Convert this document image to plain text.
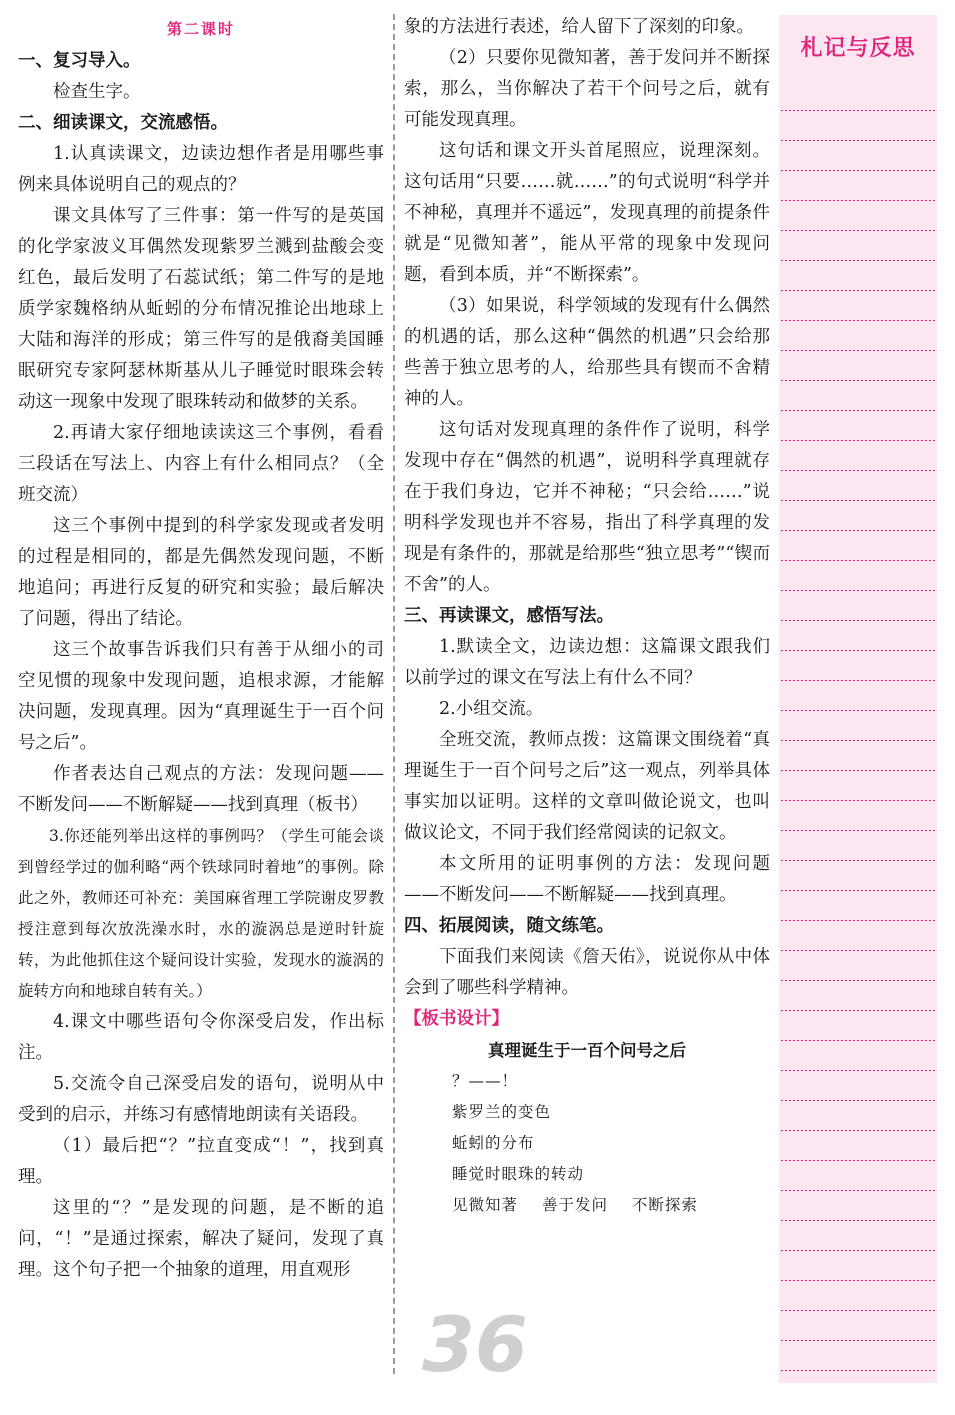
第二课时
一、复习导入。

检查生字。

二、细读课文，交流感悟。

1.认真读课文，边读边想作者是用哪些事例来具体说明自己的观点的？

课文具体写了三件事：第一件写的是英国的化学家波义耳偶然发现紫罗兰溅到盐酸会变红色，最后发明了石蕊试纸；第二件写的是地质学家魏格纳从蚯蚓的分布情况推论出地球上大陆和海洋的形成；第三件写的是俄裔美国睡眠研究专家阿瑟林斯基从儿子睡觉时眼珠会转动这一现象中发现了眼珠转动和做梦的关系。

2.再请大家仔细地读读这三个事例，看看三段话在写法上、内容上有什么相同点？（全班交流）

这三个事例中提到的科学家发现或者发明的过程是相同的，都是先偶然发现问题，不断地追问；再进行反复的研究和实验；最后解决了问题，得出了结论。

这三个故事告诉我们只有善于从细小的司空见惯的现象中发现问题，追根求源，才能解决问题，发现真理。因为“真理诞生于一百个问号之后”。

作者表达自己观点的方法：发现问题——不断发问——不断解疑——找到真理（板书）

3.你还能列举出这样的事例吗？（学生可能会谈到曾经学过的伽利略“两个铁球同时着地”的事例。除此之外，教师还可补充：美国麻省理工学院谢皮罗教授注意到每次放洗澡水时，水的漩涡总是逆时针旋转，为此他抓住这个疑问设计实验，发现水的漩涡的旋转方向和地球自转有关。）

4.课文中哪些语句令你深受启发，作出标注。

5.交流令自己深受启发的语句，说明从中受到的启示，并练习有感情地朗读有关语段。

（1）最后把“？”拉直变成“！”，找到真理。

这里的“？”是发现的问题，是不断的追问，“！”是通过探索，解决了疑问，发现了真理。这个句子把一个抽象的道理，用直观形

象的方法进行表述，给人留下了深刻的印象。

（2）只要你见微知著，善于发问并不断探索，那么，当你解决了若干个问号之后，就有可能发现真理。

这句话和课文开头首尾照应，说理深刻。这句话用“只要……就……”的句式说明“科学并不神秘，真理并不遥远”，发现真理的前提条件就是“见微知著”，能从平常的现象中发现问题，看到本质，并“不断探索”。

（3）如果说，科学领域的发现有什么偶然的机遇的话，那么这种“偶然的机遇”只会给那些善于独立思考的人，给那些具有锲而不舍精神的人。

这句话对发现真理的条件作了说明，科学发现中存在“偶然的机遇”，说明科学真理就存在于我们身边，它并不神秘；“只会给……”说明科学发现也并不容易，指出了科学真理的发现是有条件的，那就是给那些“独立思考”“锲而不舍”的人。

三、再读课文，感悟写法。

1.默读全文，边读边想：这篇课文跟我们以前学过的课文在写法上有什么不同？

2.小组交流。

全班交流，教师点拨：这篇课文围绕着“真理诞生于一百个问号之后”这一观点，列举具体事实加以证明。这样的文章叫做论说文，也叫做议论文，不同于我们经常阅读的记叙文。

本文所用的证明事例的方法：发现问题——不断发问——不断解疑——找到真理。

四、拓展阅读，随文练笔。

下面我们来阅读《詹天佑》，说说你从中体会到了哪些科学精神。

【板书设计】
真理诞生于一百个问号之后
？——！
紫罗兰的变色
蚯蚓的分布
睡觉时眼珠的转动
见微知著 善于发问 不断探索
36
札记与反思
